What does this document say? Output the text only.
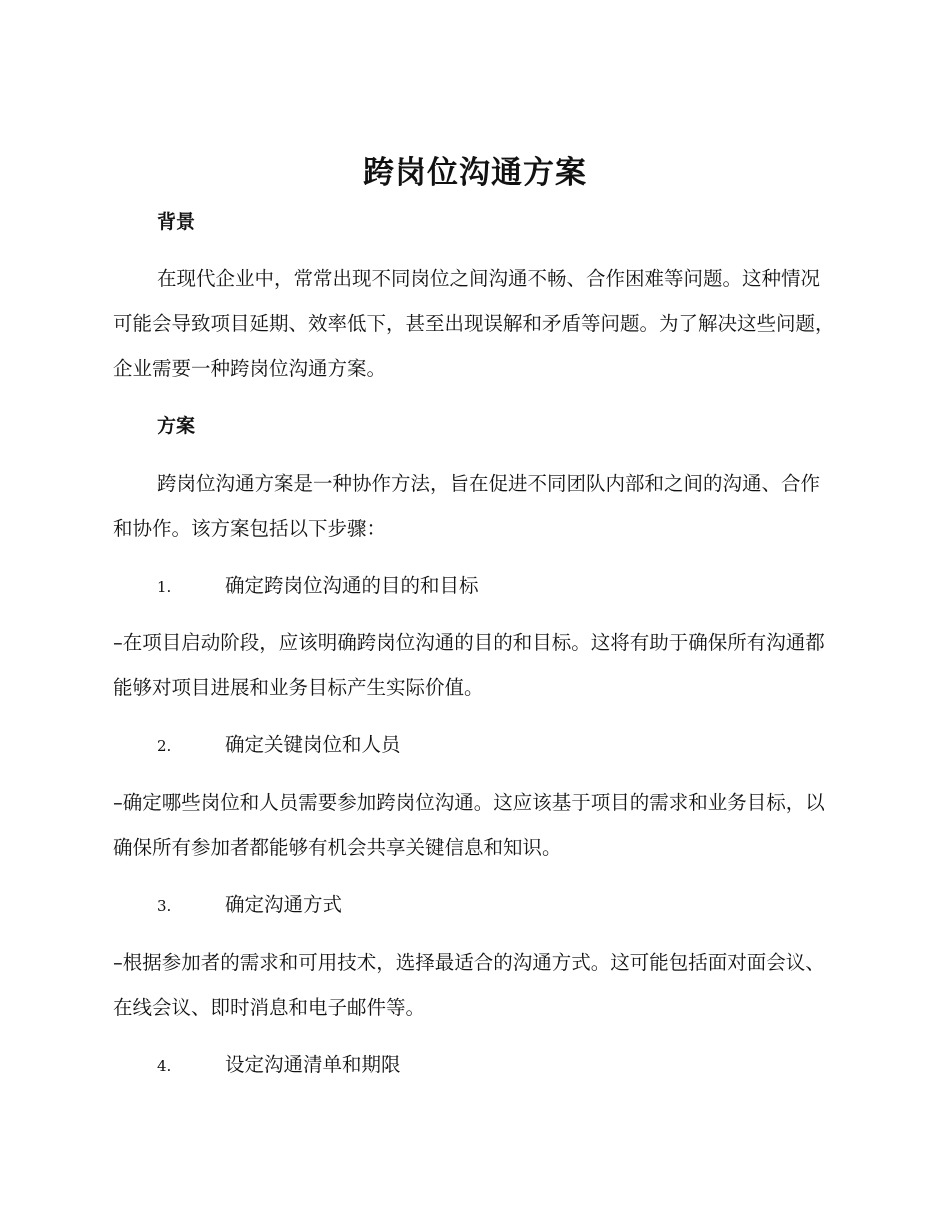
跨岗位沟通方案
背景
在现代企业中，常常出现不同岗位之间沟通不畅、合作困难等问题。这种情况可能会导致项目延期、效率低下，甚至出现误解和矛盾等问题。为了解决这些问题，企业需要一种跨岗位沟通方案。
方案
跨岗位沟通方案是一种协作方法，旨在促进不同团队内部和之间的沟通、合作和协作。该方案包括以下步骤：
1.	确定跨岗位沟通的目的和目标
–在项目启动阶段，应该明确跨岗位沟通的目的和目标。这将有助于确保所有沟通都能够对项目进展和业务目标产生实际价值。
2.	确定关键岗位和人员
–确定哪些岗位和人员需要参加跨岗位沟通。这应该基于项目的需求和业务目标，以确保所有参加者都能够有机会共享关键信息和知识。
3.	确定沟通方式
–根据参加者的需求和可用技术，选择最适合的沟通方式。这可能包括面对面会议、在线会议、即时消息和电子邮件等。
4.	设定沟通清单和期限
